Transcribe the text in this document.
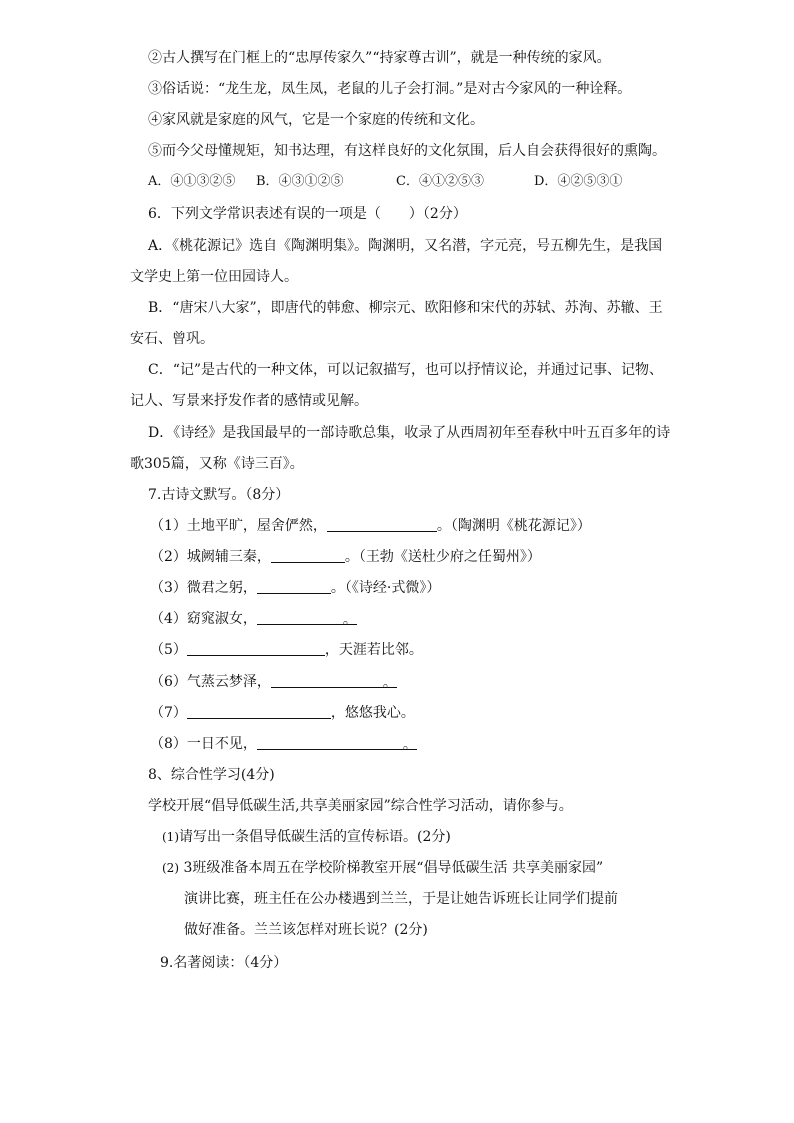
②古人撰写在门框上的“忠厚传家久”“持家尊古训”，就是一种传统的家风。
③俗话说：“龙生龙，凤生凤，老鼠的儿子会打洞。”是对古今家风的一种诠释。
④家风就是家庭的风气，它是一个家庭的传统和文化。
⑤而今父母懂规矩，知书达理，有这样良好的文化氛围，后人自会获得很好的熏陶。
A．④①③②⑤ B．④③①②⑤	C．④①②⑤③	D．④②⑤③①
6．下列文学常识表述有误的一项是（　　）（2分）
A．《桃花源记》选自《陶渊明集》。陶渊明，又名潜，字元亮，号五柳先生，是我国
文学史上第一位田园诗人。
B．“唐宋八大家”，即唐代的韩愈、柳宗元、欧阳修和宋代的苏轼、苏洵、苏辙、王
安石、曾巩。
C．“记”是古代的一种文体，可以记叙描写，也可以抒情议论，并通过记事、记物、
记人、写景来抒发作者的感情或见解。
D．《诗经》是我国最早的一部诗歌总集，收录了从西周初年至春秋中叶五百多年的诗
歌305篇，又称《诗三百》。
7.古诗文默写。（8分）
（1）土地平旷，屋舍俨然，	。（陶渊明《桃花源记》）
（2）城阙辅三秦，	。（王勃《送杜少府之任蜀州》）
（3）微君之躬，	。（《诗经·式微》）
（4）窈窕淑女，	。
（5）	，天涯若比邻。
（6）气蒸云梦泽，	。
（7）	，悠悠我心。
（8）一日不见，	。
8、综合性学习(4分)
学校开展“倡导低碳生活,共享美丽家园”综合性学习活动，请你参与。
(1)请写出一条倡导低碳生活的宣传标语。(2分)
(2) 3班级准备本周五在学校阶梯教室开展“倡导低碳生活 共享美丽家园”
演讲比赛，班主任在公办楼遇到兰兰，于是让她告诉班长让同学们提前
做好准备。兰兰该怎样对班长说？(2分)
9.名著阅读：（4分）
